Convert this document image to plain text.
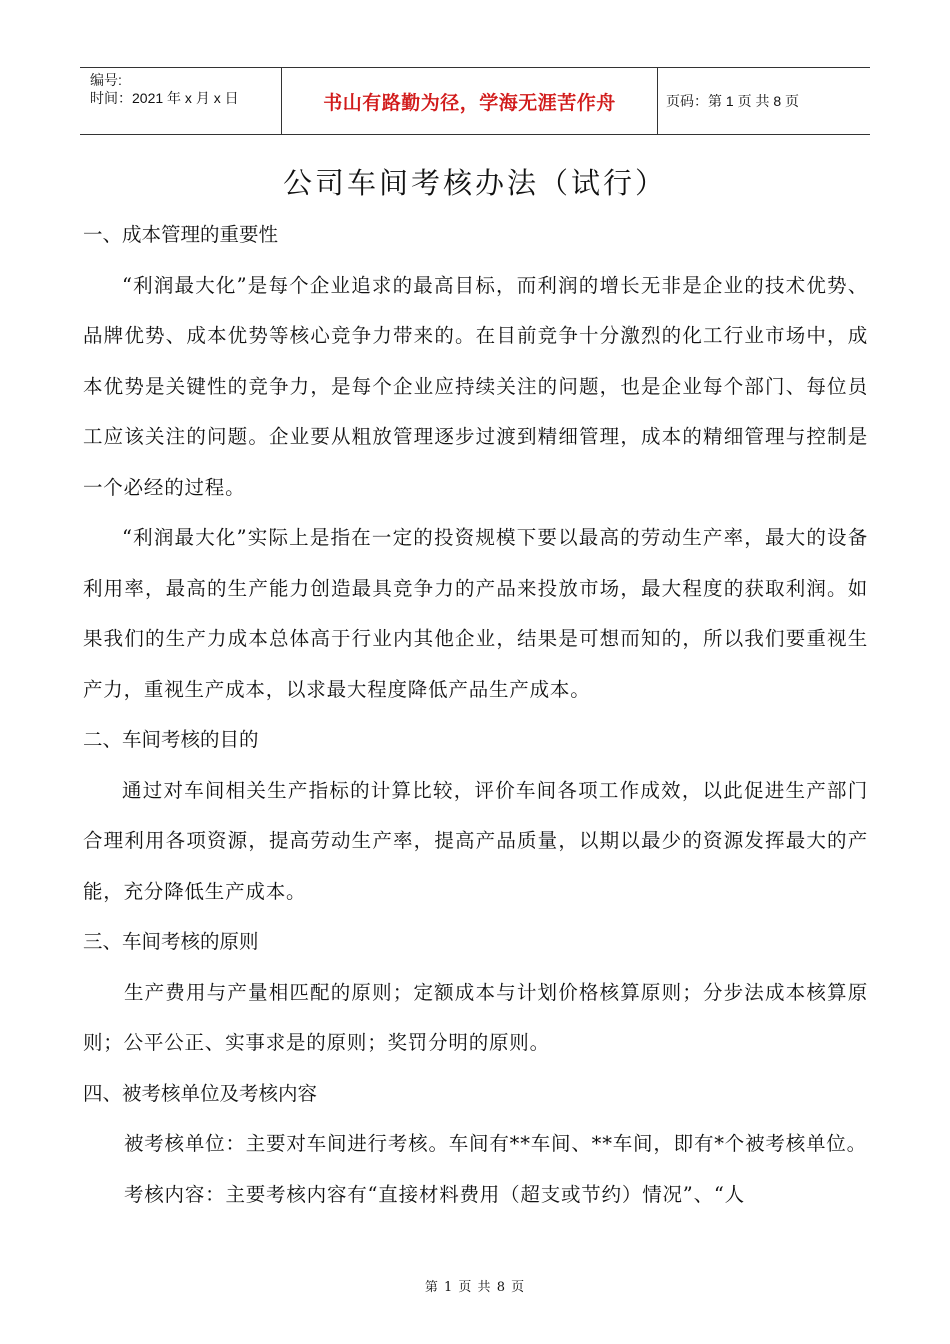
编号:
时间：2021 年 x 月 x 日	书山有路勤为径，学海无涯苦作舟	页码：第 1 页 共 8 页
公司车间考核办法（试行）
一、成本管理的重要性

“利润最大化”是每个企业追求的最高目标，而利润的增长无非是企业的技术优势、品牌优势、成本优势等核心竞争力带来的。在目前竞争十分激烈的化工行业市场中，成本优势是关键性的竞争力，是每个企业应持续关注的问题，也是企业每个部门、每位员工应该关注的问题。企业要从粗放管理逐步过渡到精细管理，成本的精细管理与控制是一个必经的过程。

“利润最大化”实际上是指在一定的投资规模下要以最高的劳动生产率，最大的设备利用率，最高的生产能力创造最具竞争力的产品来投放市场，最大程度的获取利润。如果我们的生产力成本总体高于行业内其他企业，结果是可想而知的，所以我们要重视生产力，重视生产成本，以求最大程度降低产品生产成本。

二、车间考核的目的

通过对车间相关生产指标的计算比较，评价车间各项工作成效，以此促进生产部门合理利用各项资源，提高劳动生产率，提高产品质量，以期以最少的资源发挥最大的产能，充分降低生产成本。

三、车间考核的原则

生产费用与产量相匹配的原则；定额成本与计划价格核算原则；分步法成本核算原则；公平公正、实事求是的原则；奖罚分明的原则。

四、被考核单位及考核内容

被考核单位：主要对车间进行考核。车间有**车间、**车间，即有*个被考核单位。

考核内容：主要考核内容有“直接材料费用（超支或节约）情况”、“人

第 1 页 共 8 页
